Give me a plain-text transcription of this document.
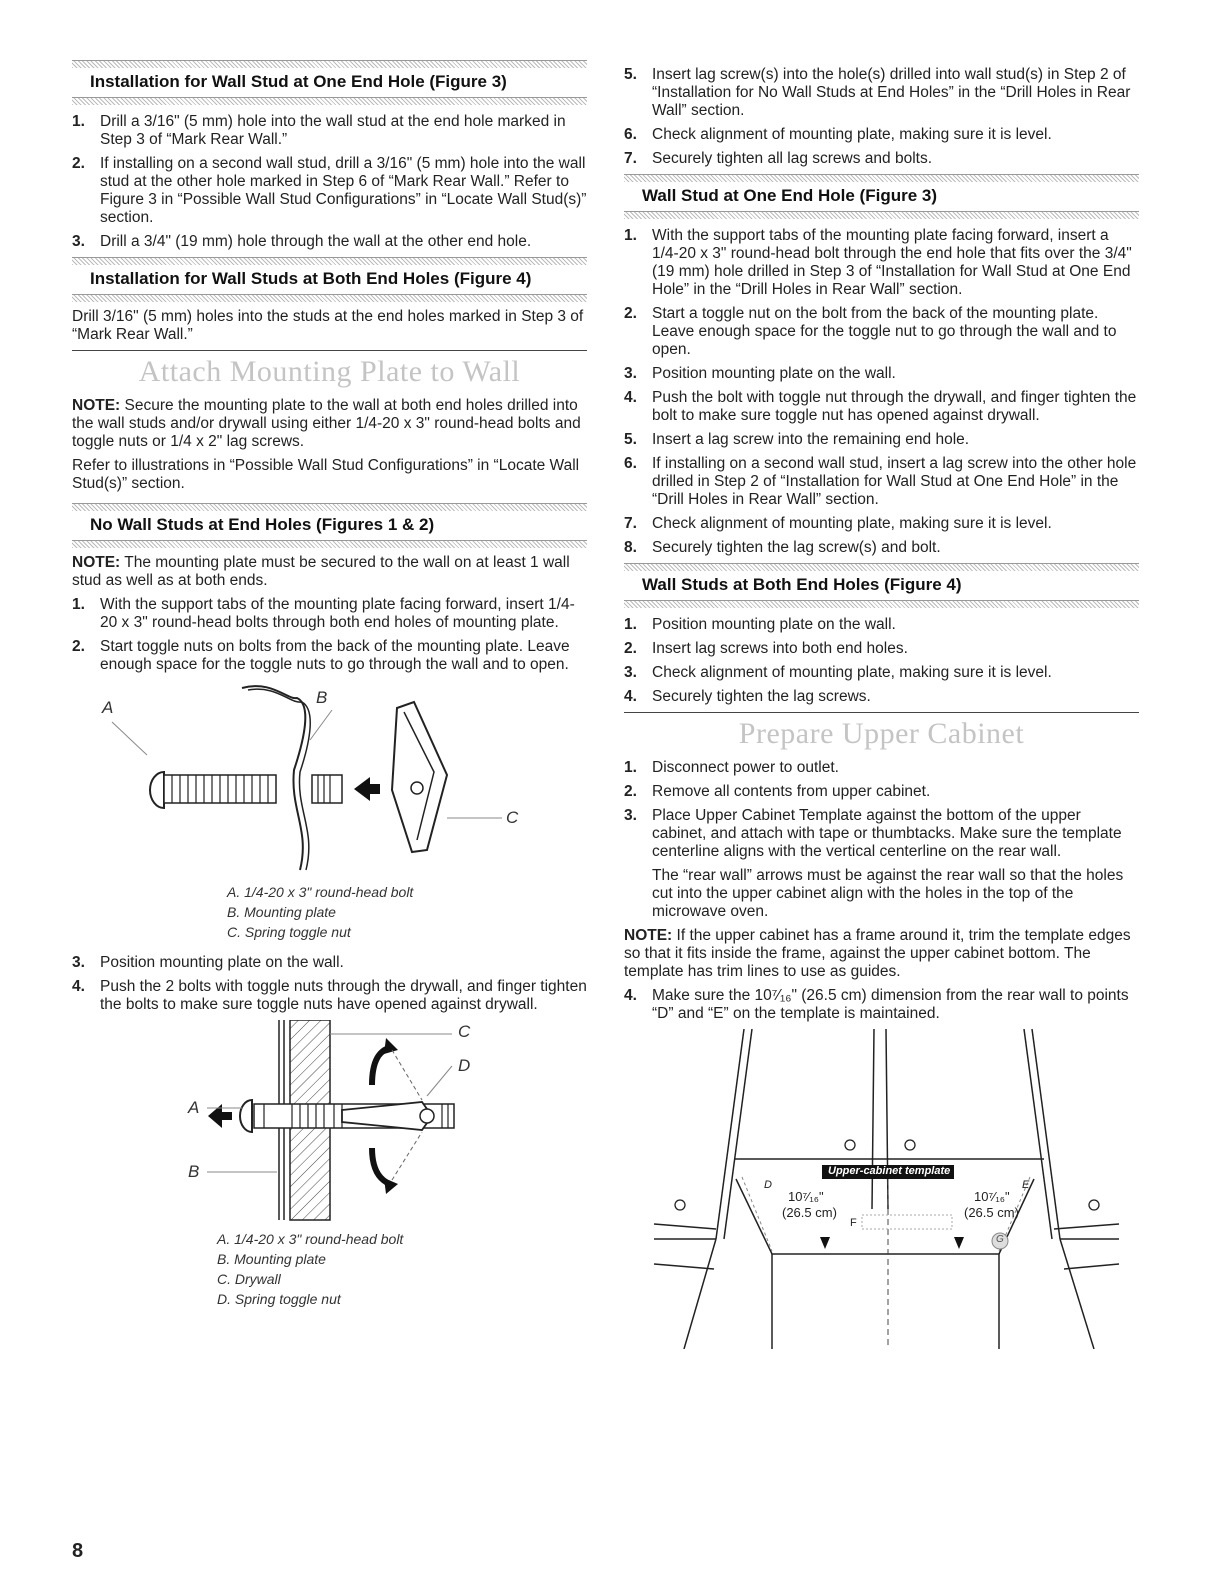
Installation for Wall Stud at One End Hole (Figure 3)
1. Drill a 3/16" (5 mm) hole into the wall stud at the end hole marked in Step 3 of “Mark Rear Wall.”
2. If installing on a second wall stud, drill a 3/16" (5 mm) hole into the wall stud at the other hole marked in Step 6 of “Mark Rear Wall.” Refer to Figure 3 in “Possible Wall Stud Configurations” in “Locate Wall Stud(s)” section.
3. Drill a 3/4" (19 mm) hole through the wall at the other end hole.
Installation for Wall Studs at Both End Holes (Figure 4)

Drill 3/16" (5 mm) holes into the studs at the end holes marked in Step 3 of “Mark Rear Wall.”

Attach Mounting Plate to Wall

NOTE: Secure the mounting plate to the wall at both end holes drilled into the wall studs and/or drywall using either 1/4-20 x 3" round-head bolts and toggle nuts or 1/4 x 2" lag screws.

Refer to illustrations in “Possible Wall Stud Configurations” in “Locate Wall Stud(s)” section.

No Wall Studs at End Holes (Figures 1 & 2)

NOTE: The mounting plate must be secured to the wall on at least 1 wall stud as well as at both ends.

1. With the support tabs of the mounting plate facing forward, insert 1/4-20 x 3" round-head bolts through both end holes of mounting plate.
2. Start toggle nuts on bolts from the back of the mounting plate. Leave enough space for the toggle nuts to go through the wall and to open.
A
B
C
A. 1/4-20 x 3" round-head bolt
B. Mounting plate
C. Spring toggle nut
3. Position mounting plate on the wall.
4. Push the 2 bolts with toggle nuts through the drywall, and finger tighten the bolts to make sure toggle nuts have opened against drywall.
C
D
A
B
A. 1/4-20 x 3" round-head bolt
B. Mounting plate
C. Drywall
D. Spring toggle nut
5. Insert lag screw(s) into the hole(s) drilled into wall stud(s) in Step 2 of “Installation for No Wall Studs at End Holes” in the “Drill Holes in Rear Wall” section.
6. Check alignment of mounting plate, making sure it is level.
7. Securely tighten all lag screws and bolts.
Wall Stud at One End Hole (Figure 3)
1. With the support tabs of the mounting plate facing forward, insert a 1/4-20 x 3" round-head bolt through the end hole that fits over the 3/4" (19 mm) hole drilled in Step 3 of “Installation for Wall Stud at One End Hole” in the “Drill Holes in Rear Wall” section.
2. Start a toggle nut on the bolt from the back of the mounting plate. Leave enough space for the toggle nut to go through the wall and to open.
3. Position mounting plate on the wall.
4. Push the bolt with toggle nut through the drywall, and finger tighten the bolt to make sure toggle nut has opened against drywall.
5. Insert a lag screw into the remaining end hole.
6. If installing on a second wall stud, insert a lag screw into the other hole drilled in Step 2 of “Installation for Wall Stud at One End Hole” in the “Drill Holes in Rear Wall” section.
7. Check alignment of mounting plate, making sure it is level.
8. Securely tighten the lag screw(s) and bolt.
Wall Studs at Both End Holes (Figure 4)
1. Position mounting plate on the wall.
2. Insert lag screws into both end holes.
3. Check alignment of mounting plate, making sure it is level.
4. Securely tighten the lag screws.
Prepare Upper Cabinet
1. Disconnect power to outlet.
2. Remove all contents from upper cabinet.
3. Place Upper Cabinet Template against the bottom of the upper cabinet, and attach with tape or thumbtacks. Make sure the template centerline aligns with the vertical centerline on the rear wall.

The “rear wall” arrows must be against the rear wall so that the holes cut into the upper cabinet align with the holes in the top of the microwave oven.

NOTE: If the upper cabinet has a frame around it, trim the template edges so that it fits inside the frame, against the upper cabinet bottom. The template has trim lines to use as guides.

4. Make sure the 10⁷⁄₁₆" (26.5 cm) dimension from the rear wall to points “D” and “E” on the template is maintained.
Upper-cabinet template
10⁷⁄₁₆"
(26.5 cm)
10⁷⁄₁₆"
(26.5 cm)
D	E
F
G
8
